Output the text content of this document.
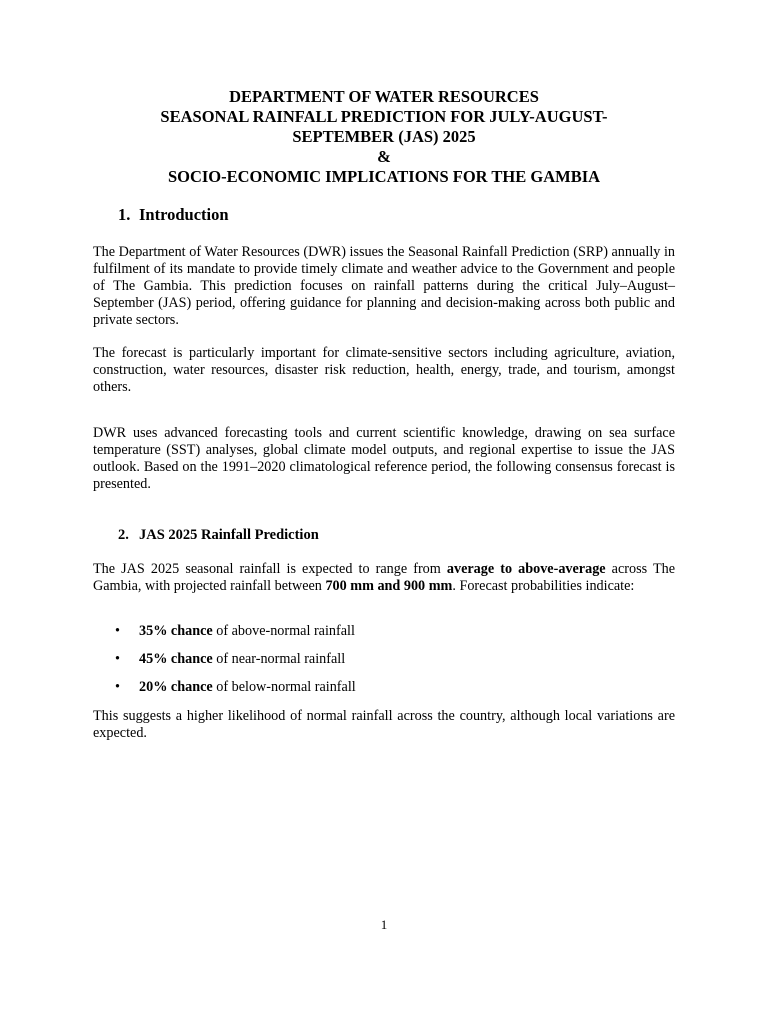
DEPARTMENT OF WATER RESOURCES
SEASONAL RAINFALL PREDICTION FOR JULY-AUGUST-
SEPTEMBER (JAS) 2025
&
SOCIO-ECONOMIC IMPLICATIONS FOR THE GAMBIA
1. Introduction

The Department of Water Resources (DWR) issues the Seasonal Rainfall Prediction (SRP) annually in fulfilment of its mandate to provide timely climate and weather advice to the Government and people of The Gambia. This prediction focuses on rainfall patterns during the critical July–August–September (JAS) period, offering guidance for planning and decision-making across both public and private sectors.

The forecast is particularly important for climate-sensitive sectors including agriculture, aviation, construction, water resources, disaster risk reduction, health, energy, trade, and tourism, amongst others.

DWR uses advanced forecasting tools and current scientific knowledge, drawing on sea surface temperature (SST) analyses, global climate model outputs, and regional expertise to issue the JAS outlook. Based on the 1991–2020 climatological reference period, the following consensus forecast is presented.

2. JAS 2025 Rainfall Prediction

The JAS 2025 seasonal rainfall is expected to range from average to above-average across The Gambia, with projected rainfall between 700 mm and 900 mm. Forecast probabilities indicate:

• 35% chance of above-normal rainfall
• 45% chance of near-normal rainfall
• 20% chance of below-normal rainfall

This suggests a higher likelihood of normal rainfall across the country, although local variations are expected.

1
